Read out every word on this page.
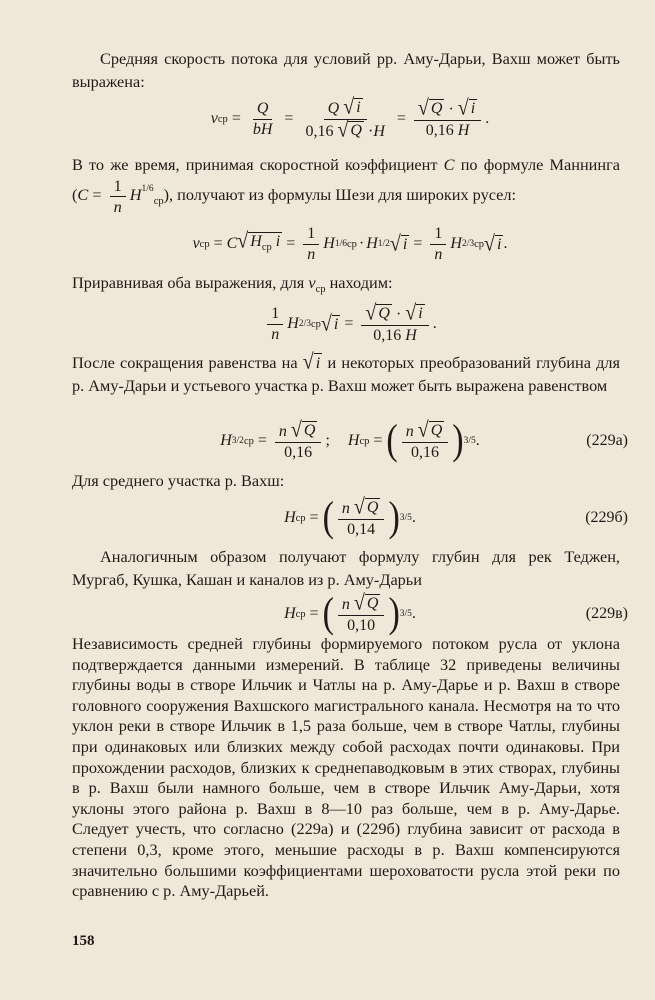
Средняя скорость потока для условий рр. Аму-Дарьи, Вахш может быть выражена:
v ср = $\frac{Q}{bH} = \frac{Q √ i}{0,16 √ Q \cdot H} = \frac{√ Q \cdot √ i}{0,16 H}$ .
В то же время, принимая скоростной коэффициент C по формуле Маннинга $(C = \frac{1}{n} H^{1/6}_{ср})$, получают из формулы Шези для широких русел:
v ср = C √ $H_{ср}$ $i = \frac{1}{n}$ H 1/6 ср · H 1/2 √ $i = \frac{1}{n}$ H 2/3 ср √ i .
Приравнивая оба выражения, для $v_{ср}$ находим:
$\frac{1}{n}$ H 2/3 ср √ $i = \frac{√ Q \cdot √ i}{0,16 H}$ .
После сокращения равенства на √ i и некоторых преобразований глубина для р. Аму-Дарьи и устьевого участка р. Вахш может быть выражена равенством
H 3/2 ср = $\frac{n √ Q}{0,16}$ ; H ср = ( $\frac{n √ Q}{0,16}$ ) 3/5 .	(229а)
Для среднего участка р. Вахш:
H ср = ( $\frac{n √ Q}{0,14}$ ) 3/5 .	(229б)
Аналогичным образом получают формулу глубин для рек Теджен, Мургаб, Кушка, Кашан и каналов из р. Аму-Дарьи
H ср = ( $\frac{n √ Q}{0,10}$ ) 3/5 .	(229в)
Независимость средней глубины формируемого потоком русла от уклона подтверждается данными измерений. В таблице 32 приведены величины глубины воды в створе Ильчик и Чатлы на р. Аму-Дарье и р. Вахш в створе головного сооружения Вахшского магистрального канала. Несмотря на то что уклон реки в створе Ильчик в 1,5 раза больше, чем в створе Чатлы, глубины при одинаковых или близких между собой расходах почти одинаковы. При прохождении расходов, близких к среднепаводковым в этих створах, глубины в р. Вахш были намного больше, чем в створе Ильчик Аму-Дарьи, хотя уклоны этого района р. Вахш в 8—10 раз больше, чем в р. Аму-Дарье. Следует учесть, что согласно (229а) и (229б) глубина зависит от расхода в степени 0,3, кроме этого, меньшие расходы в р. Вахш компенсируются значительно большими коэффициентами шероховатости русла этой реки по сравнению с р. Аму-Дарьей.
158
